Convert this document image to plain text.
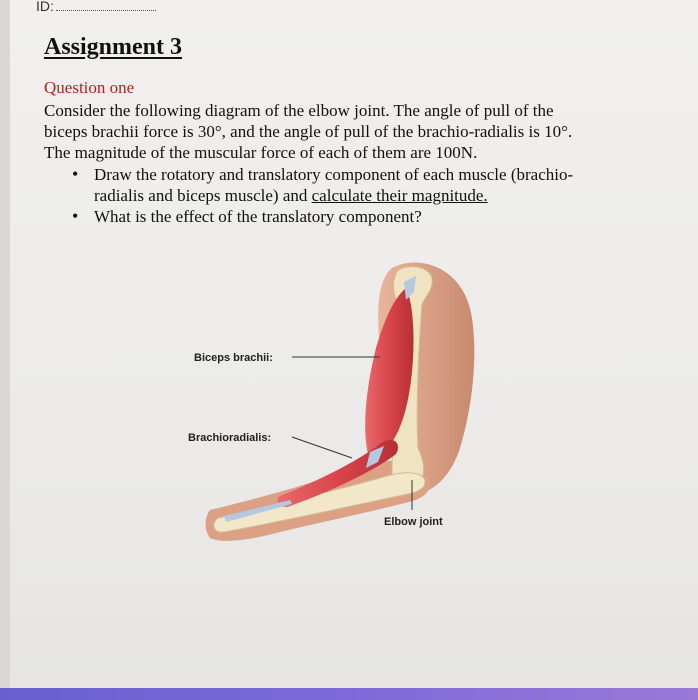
ID:
Assignment 3
Question one
Consider the following diagram of the elbow joint. The angle of pull of the
biceps brachii force is 30°, and the angle of pull of the brachio-radialis is 10°.
The magnitude of the muscular force of each of them are 100N.
• Draw the rotatory and translatory component of each muscle (brachio-
radialis and biceps muscle) and calculate their magnitude.
• What is the effect of the translatory component?
Biceps brachii:
Brachioradialis:
Elbow joint
